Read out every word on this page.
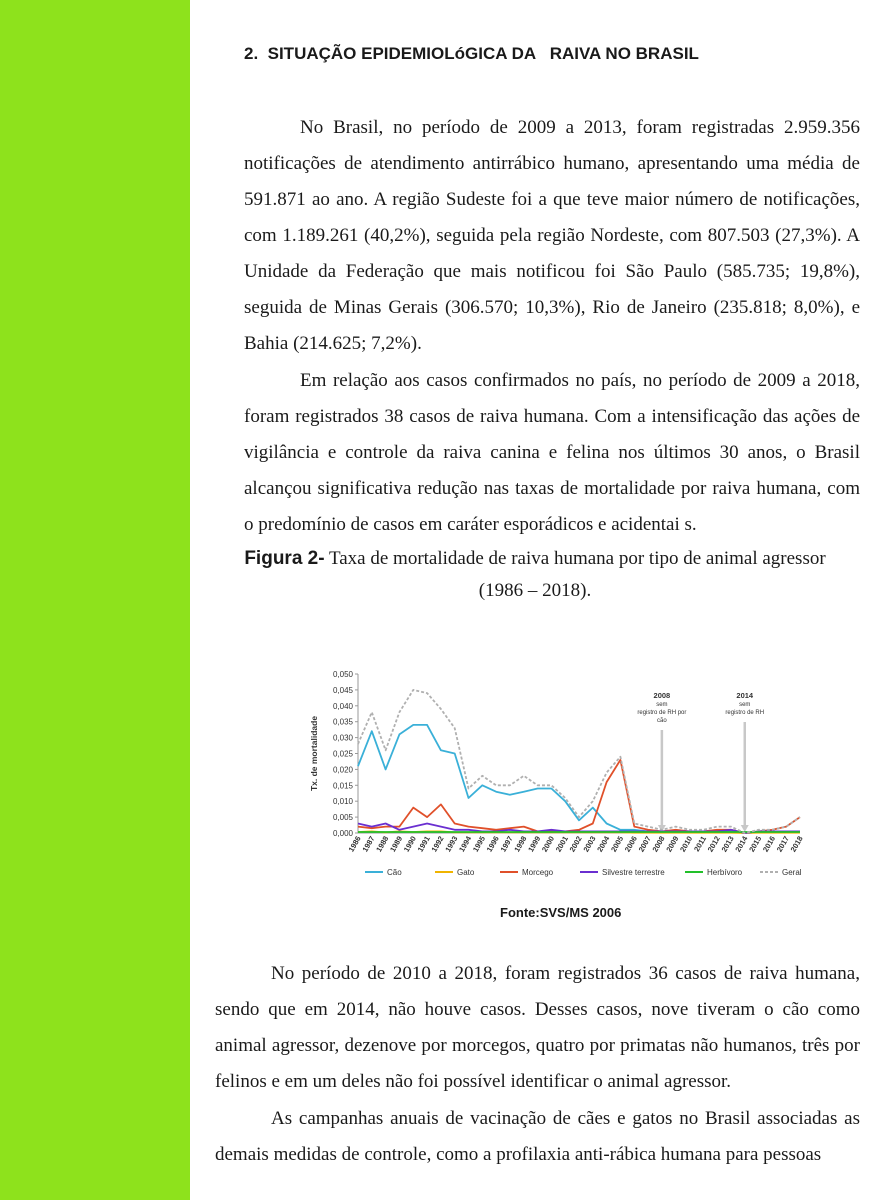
2.  SITUAÇÃO EPIDEMIOLóGICA DA   RAIVA NO BRASIL

No Brasil, no período de 2009 a 2013, foram registradas 2.959.356 notificações de atendimento antirrábico humano, apresentando uma média de 591.871 ao ano. A região Sudeste foi a que teve maior número de notificações, com 1.189.261 (40,2%), seguida pela região Nordeste, com 807.503 (27,3%). A Unidade da Federação que mais notificou foi São Paulo (585.735; 19,8%), seguida de Minas Gerais (306.570; 10,3%), Rio de Janeiro (235.818; 8,0%), e Bahia (214.625; 7,2%).

Em relação aos casos confirmados no país, no período de 2009 a 2018, foram registrados 38 casos de raiva humana. Com a intensificação das ações de vigilância e controle da raiva canina e felina nos últimos 30 anos, o Brasil alcançou significativa redução nas taxas de mortalidade por raiva humana, com o predomínio de casos em caráter esporádicos e acidentai s.

Figura 2- Taxa de mortalidade de raiva humana por tipo de animal agressor
(1986 – 2018).
0,000
0,005
0,010
0,015
0,020
0,025
0,030
0,035
0,040
0,045
0,050
Tx. de mortalidade
1986
1987
1988
1989
1990
1991
1992
1993
1994
1995
1996
1997
1998
1999
2000
2001
2002
2003
2004
2005
2006
2007
2008
2009
2010
2011
2012
2013
2014
2015
2016
2017
2018
2008
sem
registro de RH por
cão
2014
sem
registro de RH
Cão	Gato	Morcego	Silvestre terrestre	Herbívoro	Geral
Fonte:SVS/MS 2006

No período de 2010 a 2018, foram registrados 36 casos de raiva humana, sendo que em 2014, não houve casos. Desses casos, nove tiveram o cão como animal agressor, dezenove por morcegos, quatro por primatas não humanos, três por felinos e em um deles não foi possível identificar o animal agressor.

As campanhas anuais de vacinação de cães e gatos no Brasil associadas as demais medidas de controle, como a profilaxia anti-rábica humana para pessoas
